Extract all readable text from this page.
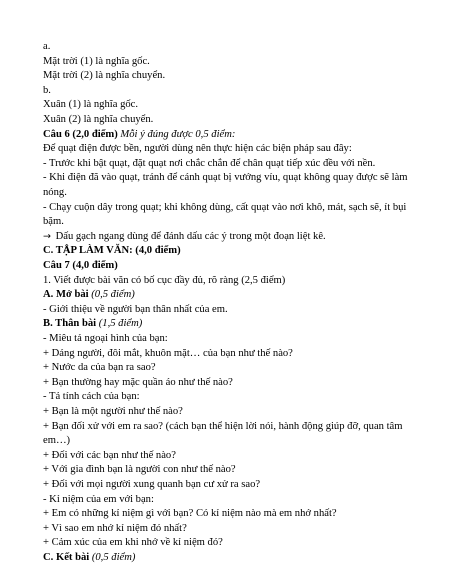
a.
Mặt trời (1) là nghĩa gốc.
Mặt trời (2) là nghĩa chuyển.
b.
Xuân (1) là nghĩa gốc.
Xuân (2) là nghĩa chuyển.
Câu 6 (2,0 điểm) Mỗi ý đúng được 0,5 điểm:
Để quạt điện được bền, người dùng nên thực hiện các biện pháp sau đây:
- Trước khi bật quạt, đặt quạt nơi chắc chắn để chân quạt tiếp xúc đều với nền.
- Khi điện đã vào quạt, tránh để cánh quạt bị vướng víu, quạt không quay được sẽ làm
nóng.
- Chạy cuộn dây trong quạt; khi không dùng, cất quạt vào nơi khô, mát, sạch sẽ, ít bụi
bặm.
→ Dấu gạch ngang dùng để đánh dấu các ý trong một đoạn liệt kê.
C. TẬP LÀM VĂN: (4,0 điểm)
Câu 7 (4,0 điểm)
1. Viết được bài văn có bố cục đầy đủ, rõ ràng (2,5 điểm)
A. Mở bài (0,5 điểm)
- Giới thiệu về người bạn thân nhất của em.
B. Thân bài (1,5 điểm)
- Miêu tả ngoại hình của bạn:
+ Dáng người, đôi mắt, khuôn mặt… của bạn như thế nào?
+ Nước da của bạn ra sao?
+ Bạn thường hay mặc quần áo như thế nào?
- Tả tính cách của bạn:
+ Bạn là một người như thế nào?
+ Bạn đối xử với em ra sao? (cách bạn thể hiện lời nói, hành động giúp đỡ, quan tâm
em…)
+ Đối với các bạn như thế nào?
+ Với gia đình bạn là người con như thế nào?
+ Đối với mọi người xung quanh bạn cư xử ra sao?
- Kỉ niệm của em với bạn:
+ Em có những kỉ niệm gì với bạn? Có kỉ niệm nào mà em nhớ nhất?
+ Vì sao em nhớ kỉ niệm đó nhất?
+ Cảm xúc của em khi nhớ về kỉ niệm đó?
C. Kết bài (0,5 điểm)
